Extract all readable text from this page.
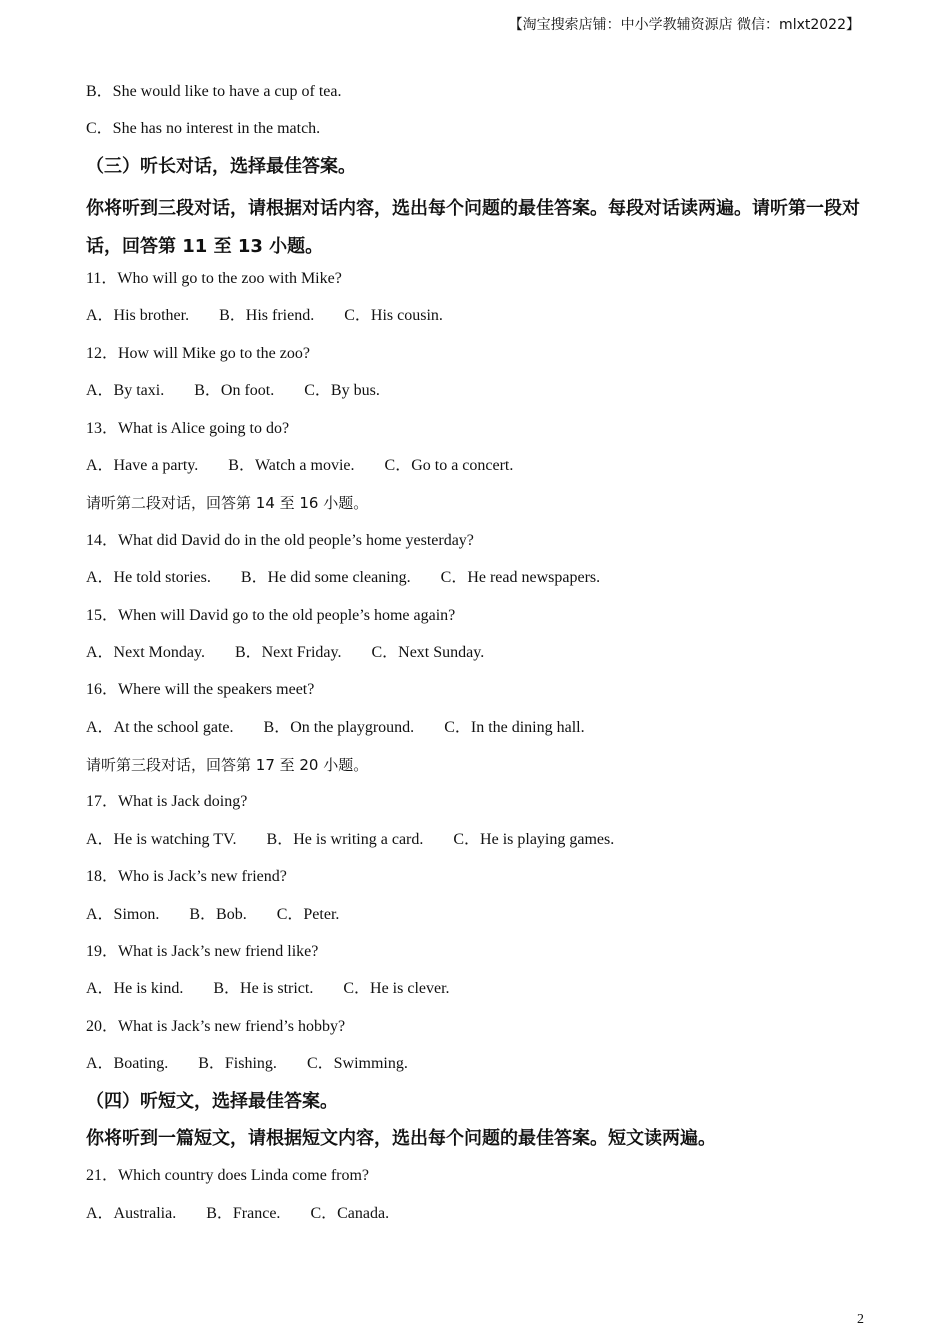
【淘宝搜索店铺：中小学教辅资源店 微信：mlxt2022】
B．She would like to have a cup of tea.
C．She has no interest in the match.
（三）听长对话，选择最佳答案。
你将听到三段对话，请根据对话内容，选出每个问题的最佳答案。每段对话读两遍。请听第一段对话，回答第 11 至 13 小题。
11．Who will go to the zoo with Mike?
A．His brother. B．His friend. C．His cousin.
12．How will Mike go to the zoo?
A．By taxi. B．On foot. C．By bus.
13．What is Alice going to do?
A．Have a party. B．Watch a movie. C．Go to a concert.
请听第二段对话，回答第 14 至 16 小题。
14．What did David do in the old people’s home yesterday?
A．He told stories. B．He did some cleaning. C．He read newspapers.
15．When will David go to the old people’s home again?
A．Next Monday. B．Next Friday. C．Next Sunday.
16．Where will the speakers meet?
A．At the school gate. B．On the playground. C．In the dining hall.
请听第三段对话，回答第 17 至 20 小题。
17．What is Jack doing?
A．He is watching TV. B．He is writing a card. C．He is playing games.
18．Who is Jack’s new friend?
A．Simon. B．Bob. C．Peter.
19．What is Jack’s new friend like?
A．He is kind. B．He is strict. C．He is clever.
20．What is Jack’s new friend’s hobby?
A．Boating. B．Fishing. C．Swimming.
（四）听短文，选择最佳答案。
你将听到一篇短文，请根据短文内容，选出每个问题的最佳答案。短文读两遍。
21．Which country does Linda come from?
A．Australia. B．France. C．Canada.
2
